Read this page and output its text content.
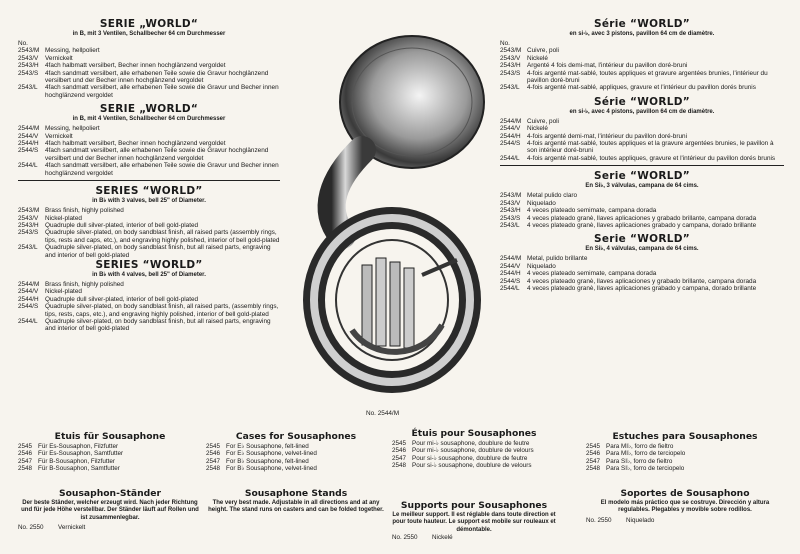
SERIE „WORLD“

in B, mit 3 Ventilen, Schallbecher 64 cm Durchmesser

No.

2543/M Messing, hellpoliert
2543/V	Vernickelt
2543/H 4fach halbmatt versilbert, Becher innen hochglänzend vergoldet
2543/S	4fach sandmatt versilbert, alle erhabenen Teile sowie die Gravur hochglänzend versilbert und der Becher innen hochglänzend vergoldet
2543/L	4fach sandmatt versilbert, alle erhabenen Teile sowie die Gravur und Becher innen hochglänzend vergoldet

SERIE „WORLD“

in B, mit 4 Ventilen, Schallbecher 64 cm Durchmesser

2544/M Messing, hellpoliert
2544/V	Vernickelt
2544/H 4fach halbmatt versilbert, Becher innen hochglänzend vergoldet
2544/S	4fach sandmatt versilbert, alle erhabenen Teile sowie die Gravur hochglänzend versilbert und der Becher innen hochglänzend vergoldet
2544/L	4fach sandmatt versilbert, alle erhabenen Teile sowie die Gravur und Becher innen hochglänzend vergoldet

SERIES “WORLD”

in B♭ with 3 valves, bell 25" of Diameter.

2543/M Brass finish, highly polished
2543/V	Nickel-plated
2543/H Quadruple dull silver-plated, interior of bell gold-plated
2543/S	Quadruple silver-plated, on body sandblast finish, all raised parts (assembly rings, tips, rests and caps, etc.), and engraving highly polished, interior of bell gold-plated
2543/L	Quadruple silver-plated, on body sandblast finish, but all raised parts, engraving and interior of bell gold-plated

SERIES “WORLD”

in B♭ with 4 valves, bell 25" of Diameter.

2544/M Brass finish, highly polished
2544/V	Nickel-plated
2544/H Quadruple dull silver-plated, interior of bell gold-plated
2544/S	Quadruple silver-plated, on body sandblast finish, all raised parts, (assembly rings, tips, rests, caps, etc.), and engraving highly polished, interior of bell gold-plated
2544/L	Quadruple silver-plated, on body sandblast finish, but all raised parts, engraving and interior of bell gold-plated
No. 2544/M

Série “WORLD”

en si-♭, avec 3 pistons, pavillon 64 cm de diamètre.

No.

2543/M Cuivre, poli
2543/V	Nickelé
2543/H Argenté 4 fois demi-mat, l'intérieur du pavillon doré-bruni
2543/S	4-fois argenté mat-sablé, toutes appliques et gravure argentées brunies, l'intérieur du pavillon doré-bruni
2543/L	4-fois argenté mat-sablé, appliques, gravure et l'intérieur du pavillon dorés brunis

Série “WORLD”

en si-♭, avec 4 pistons, pavillon 64 cm de diamètre.

2544/M Cuivre, poli
2544/V	Nickelé
2544/H 4-fois argenté demi-mat, l'intérieur du pavillon doré-bruni
2544/S	4-fois argenté mat-sablé, toutes appliques et la gravure argentées brunies, le pavillon à son intérieur doré-bruni
2544/L	4-fois argenté mat-sablé, toutes appliques, gravure et l'intérieur du pavillon dorés brunis

Serie “WORLD”

En Si♭, 3 válvulas, campana de 64 cims.

2543/M Metal pulido claro
2543/V	Niquelado
2543/H 4 veces plateado semimate, campana dorada
2543/S	4 veces plateado granè, llaves aplicaciones y grabado brillante, campana dorada
2543/L	4 veces plateado granè, llaves aplicaciones grabado y campana, dorado brillante

Serie “WORLD”

En Si♭, 4 válvulas, campana de 64 cims.

2544/M Metal, pulido brillante
2544/V	Niquelado
2544/H 4 veces plateado semimate, campana dorada
2544/S	4 veces plateado granè, llaves aplicaciones y grabado brillante, campana dorada
2544/L	4 veces plateado granè, llaves aplicaciones grabado y campana, dorado brillante

Etuis für Sousaphone

2545 Für Es-Sousaphon, Filzfutter
2546 Für Es-Sousaphon, Samtfutter
2547 Für B-Sousaphon, Filzfutter
2548 Für B-Sousaphon, Samtfutter

Sousaphon-Ständer

Der beste Ständer, welcher erzeugt wird. Nach jeder Richtung und für jede Höhe verstellbar. Der Ständer läuft auf Rollen und ist zusammenlegbar.
No. 2550	Vernickelt

Cases for Sousaphones

2545 For E♭ Sousaphone, felt-lined
2546 For E♭ Sousaphone, velvet-lined
2547 For B♭ Sousaphone, felt-lined
2548 For B♭ Sousaphone, velvet-lined

Sousaphone Stands

The very best made. Adjustable in all directions and at any height. The stand runs on casters and can be folded together.

Étuis pour Sousaphones

2545 Pour mi-♭ sousaphone, doublure de feutre
2546 Pour mi-♭ sousaphone, doublure de velours
2547 Pour si-♭ sousaphone, doublure de feutre
2548 Pour si-♭ sousaphone, doublure de velours

Supports pour Sousaphones

Le meilleur support. Il est réglable dans toute direction et pour toute hauteur. Le support est mobile sur rouleaux et démontable.
No. 2550	Nickelé

Estuches para Sousaphones

2545 Para MI♭, forro de fieltro
2546 Para MI♭, forro de terciopelo
2547 Para SI♭, forro de fieltro
2548 Para SI♭, forro de terciopelo

Soportes de Sousaphono

El modelo más práctico que se costruye. Dirección y altura regulables. Plegables y movible sobre rodillos.
No. 2550	Niquelado
